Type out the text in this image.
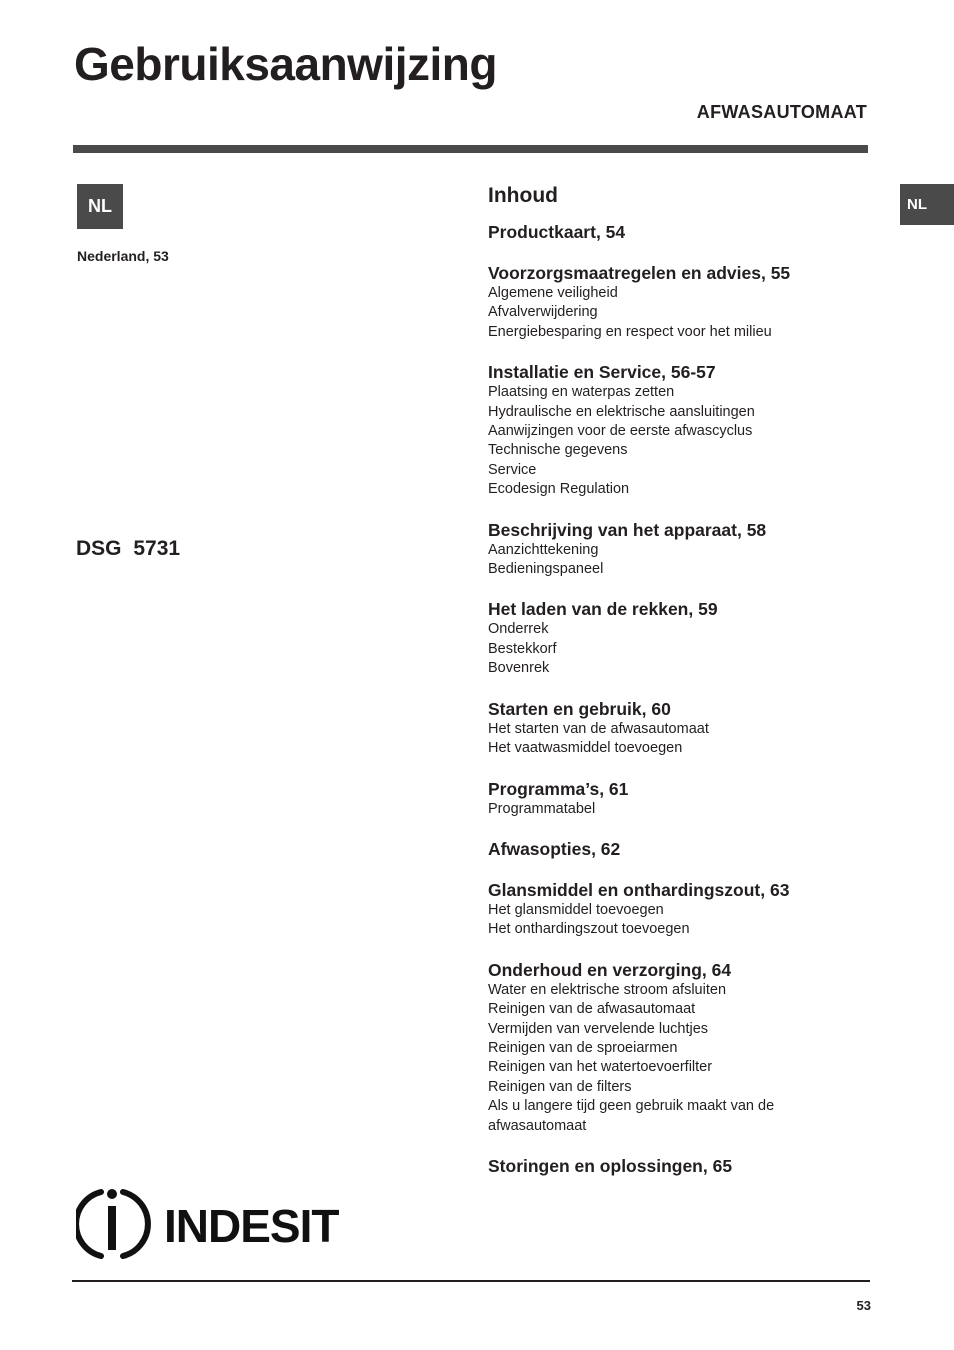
Gebruiksaanwijzing
AFWASAUTOMAAT
NL
Nederland, 53
DSG 5731
NL
Inhoud
Productkaart, 54
Voorzorgsmaatregelen en advies, 55
Algemene veiligheid
Afvalverwijdering
Energiebesparing en respect voor het milieu
Installatie en Service, 56-57
Plaatsing en waterpas zetten
Hydraulische en elektrische aansluitingen
Aanwijzingen voor de eerste afwascyclus
Technische gegevens
Service
Ecodesign Regulation
Beschrijving van het apparaat, 58
Aanzichttekening
Bedieningspaneel
Het laden van de rekken, 59
Onderrek
Bestekkorf
Bovenrek
Starten en gebruik, 60
Het starten van de afwasautomaat
Het vaatwasmiddel toevoegen
Programma’s, 61
Programmatabel
Afwasopties, 62
Glansmiddel en onthardingszout, 63
Het glansmiddel toevoegen
Het onthardingszout toevoegen
Onderhoud en verzorging, 64
Water en elektrische stroom afsluiten
Reinigen van de afwasautomaat
Vermijden van vervelende luchtjes
Reinigen van de sproeiarmen
Reinigen van het watertoevoerfilter
Reinigen van de filters
Als u langere tijd geen gebruik maakt van de afwasautomaat
Storingen en oplossingen, 65
INDESIT
53
